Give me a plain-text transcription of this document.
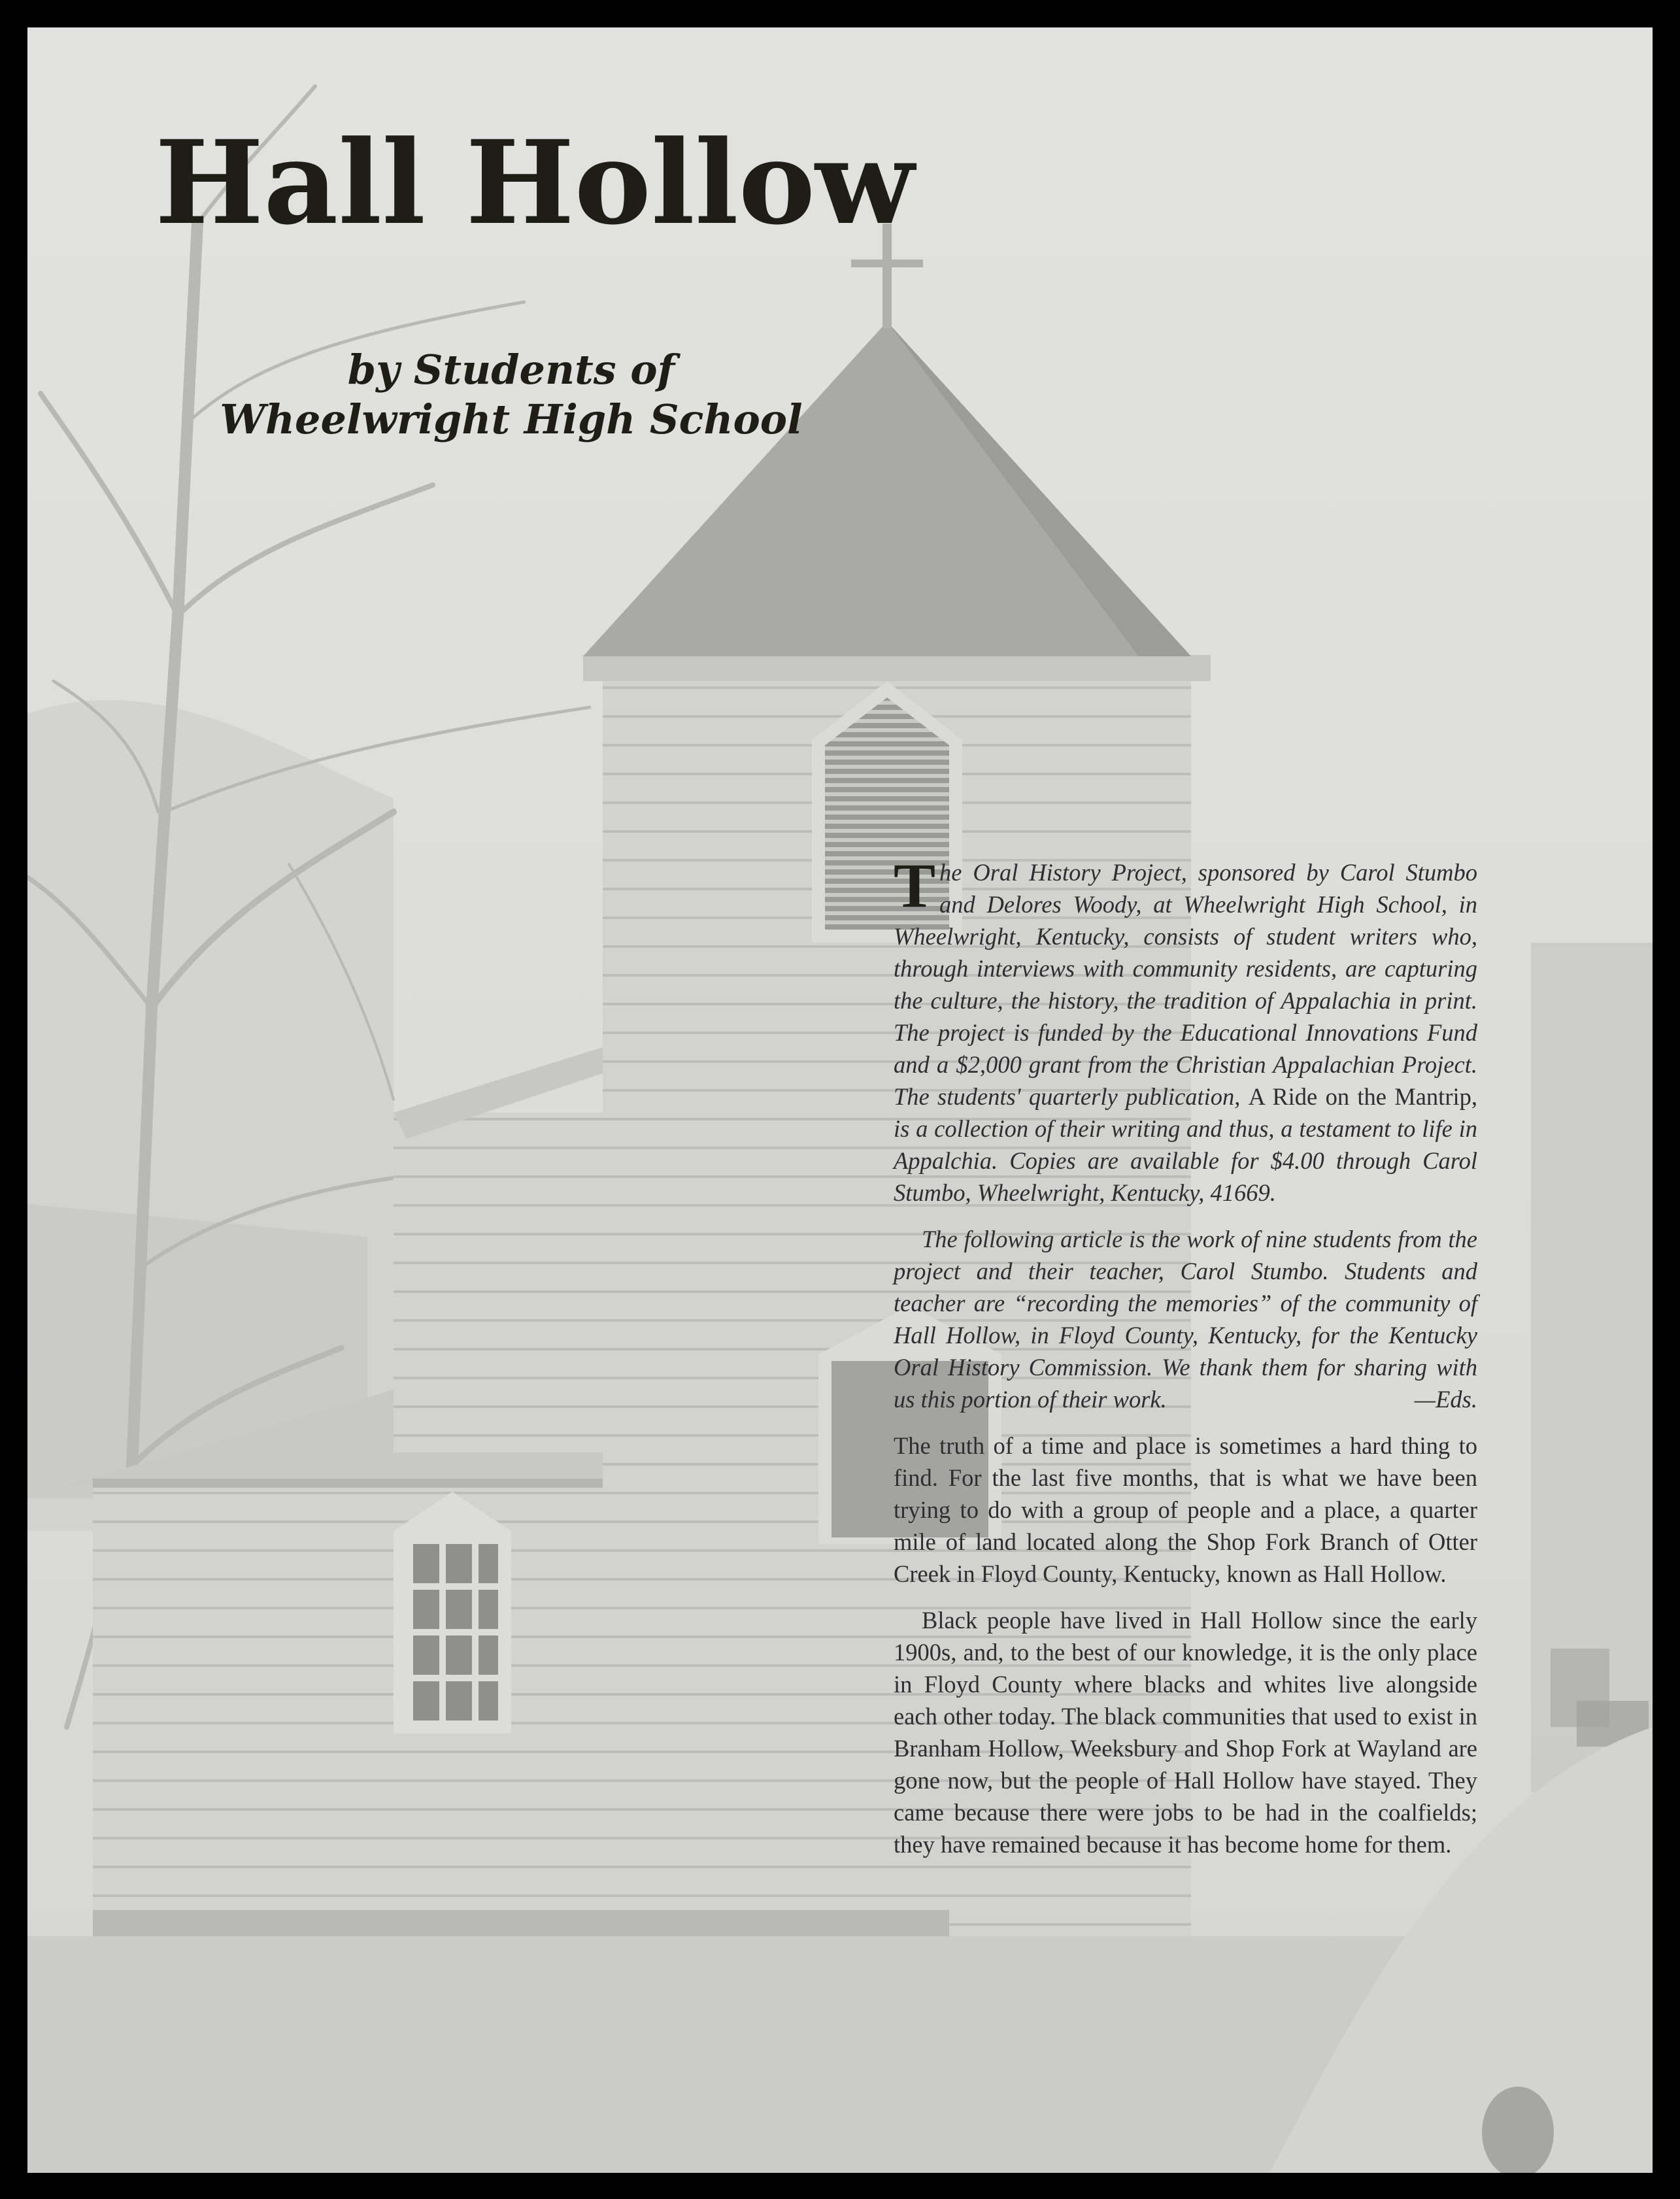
Hall Hollow
by Students of
Wheelwright High School

The Oral History Project, sponsored by Carol Stumbo and Delores Woody, at Wheelwright High School, in Wheelwright, Kentucky, consists of student writers who, through interviews with community residents, are capturing the culture, the history, the tradition of Appalachia in print. The project is funded by the Educational Innovations Fund and a $2,000 grant from the Christian Appalachian Project. The students' quarterly publication, A Ride on the Mantrip, is a collection of their writing and thus, a testament to life in Appalchia. Copies are available for $4.00 through Carol Stumbo, Wheelwright, Kentucky, 41669.

The following article is the work of nine students from the project and their teacher, Carol Stumbo. Students and teacher are “recording the memories” of the community of Hall Hollow, in Floyd County, Kentucky, for the Kentucky Oral History Commission. We thank them for sharing with us this portion of their work.	—Eds.

The truth of a time and place is sometimes a hard thing to find. For the last five months, that is what we have been trying to do with a group of people and a place, a quarter mile of land located along the Shop Fork Branch of Otter Creek in Floyd County, Kentucky, known as Hall Hollow.

Black people have lived in Hall Hollow since the early 1900s, and, to the best of our knowledge, it is the only place in Floyd County where blacks and whites live alongside each other today. The black communities that used to exist in Branham Hollow, Weeksbury and Shop Fork at Wayland are gone now, but the people of Hall Hollow have stayed. They came because there were jobs to be had in the coalfields; they have remained because it has become home for them.
